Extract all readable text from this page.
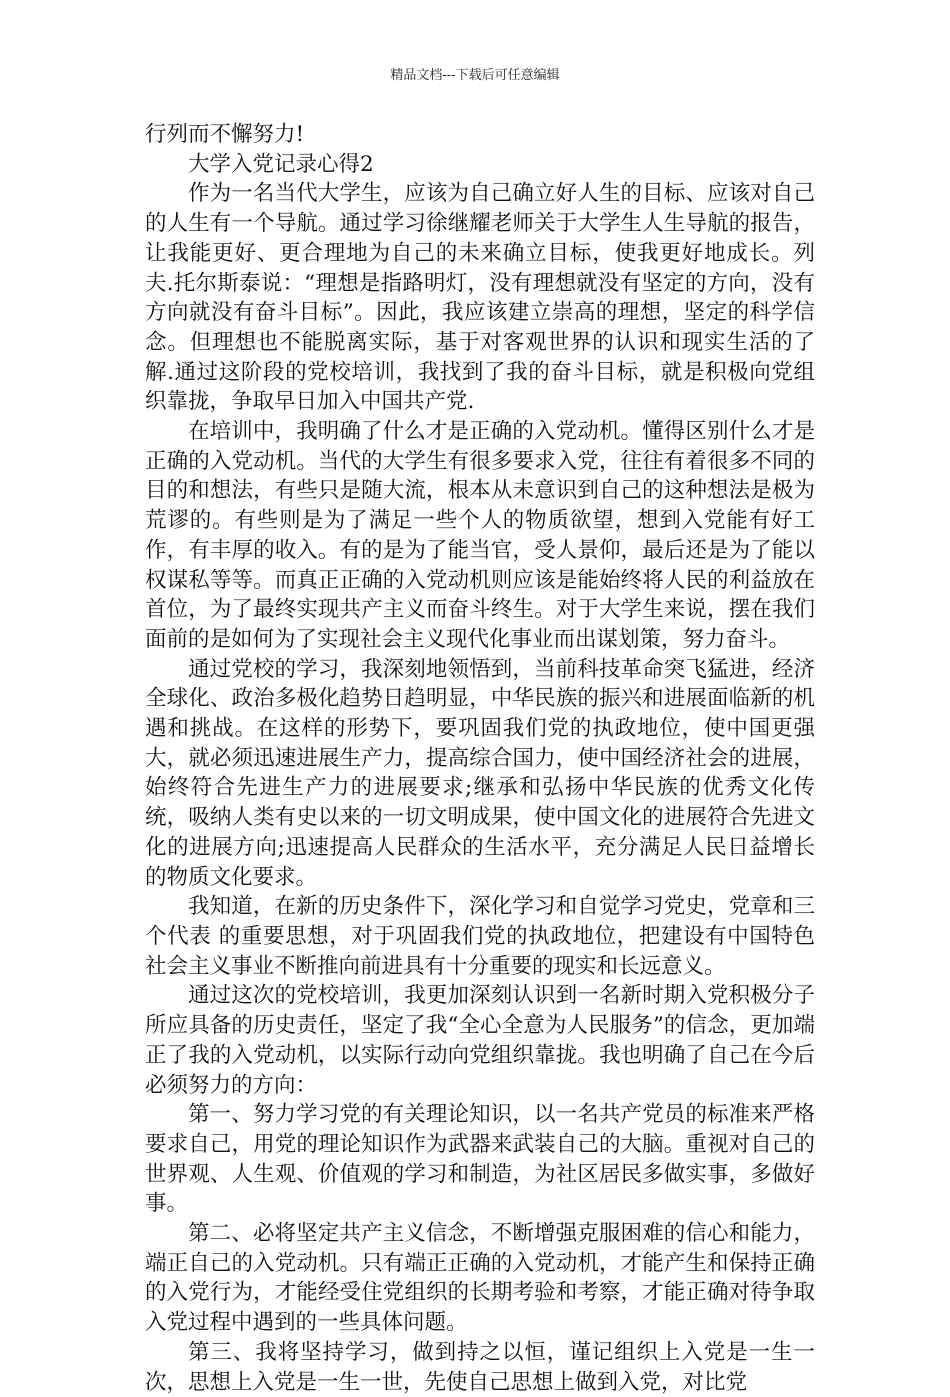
精品文档---下载后可任意编辑

行列而不懈努力!

大学入党记录心得2

作为一名当代大学生，应该为自己确立好人生的目标、应该对自己的人生有一个导航。通过学习徐继耀老师关于大学生人生导航的报告，让我能更好、更合理地为自己的未来确立目标，使我更好地成长。列夫.托尔斯泰说：“理想是指路明灯，没有理想就没有坚定的方向，没有方向就没有奋斗目标”。因此，我应该建立崇高的理想，坚定的科学信念。但理想也不能脱离实际，基于对客观世界的认识和现实生活的了解.通过这阶段的党校培训，我找到了我的奋斗目标，就是积极向党组织靠拢，争取早日加入中国共产党.

在培训中，我明确了什么才是正确的入党动机。懂得区别什么才是正确的入党动机。当代的大学生有很多要求入党，往往有着很多不同的目的和想法，有些只是随大流，根本从未意识到自己的这种想法是极为荒谬的。有些则是为了满足一些个人的物质欲望，想到入党能有好工作，有丰厚的收入。有的是为了能当官，受人景仰，最后还是为了能以权谋私等等。而真正正确的入党动机则应该是能始终将人民的利益放在首位，为了最终实现共产主义而奋斗终生。对于大学生来说，摆在我们面前的是如何为了实现社会主义现代化事业而出谋划策，努力奋斗。

通过党校的学习，我深刻地领悟到，当前科技革命突飞猛进，经济全球化、政治多极化趋势日趋明显，中华民族的振兴和进展面临新的机遇和挑战。在这样的形势下，要巩固我们党的执政地位，使中国更强大，就必须迅速进展生产力，提高综合国力，使中国经济社会的进展，始终符合先进生产力的进展要求;继承和弘扬中华民族的优秀文化传统，吸纳人类有史以来的一切文明成果，使中国文化的进展符合先进文化的进展方向;迅速提高人民群众的生活水平，充分满足人民日益增长的物质文化要求。

我知道，在新的历史条件下，深化学习和自觉学习党史，党章和三个代表 的重要思想，对于巩固我们党的执政地位，把建设有中国特色社会主义事业不断推向前进具有十分重要的现实和长远意义。

通过这次的党校培训，我更加深刻认识到一名新时期入党积极分子所应具备的历史责任，坚定了我“全心全意为人民服务”的信念，更加端正了我的入党动机，以实际行动向党组织靠拢。我也明确了自己在今后必须努力的方向：

第一、努力学习党的有关理论知识，以一名共产党员的标准来严格要求自己，用党的理论知识作为武器来武装自己的大脑。重视对自己的世界观、人生观、价值观的学习和制造，为社区居民多做实事，多做好事。

第二、必将坚定共产主义信念，不断增强克服困难的信心和能力，端正自己的入党动机。只有端正正确的入党动机，才能产生和保持正确的入党行为，才能经受住党组织的长期考验和考察，才能正确对待争取入党过程中遇到的一些具体问题。

第三、我将坚持学习，做到持之以恒，谨记组织上入党是一生一次，思想上入党是一生一世，先使自己思想上做到入党，对比党
